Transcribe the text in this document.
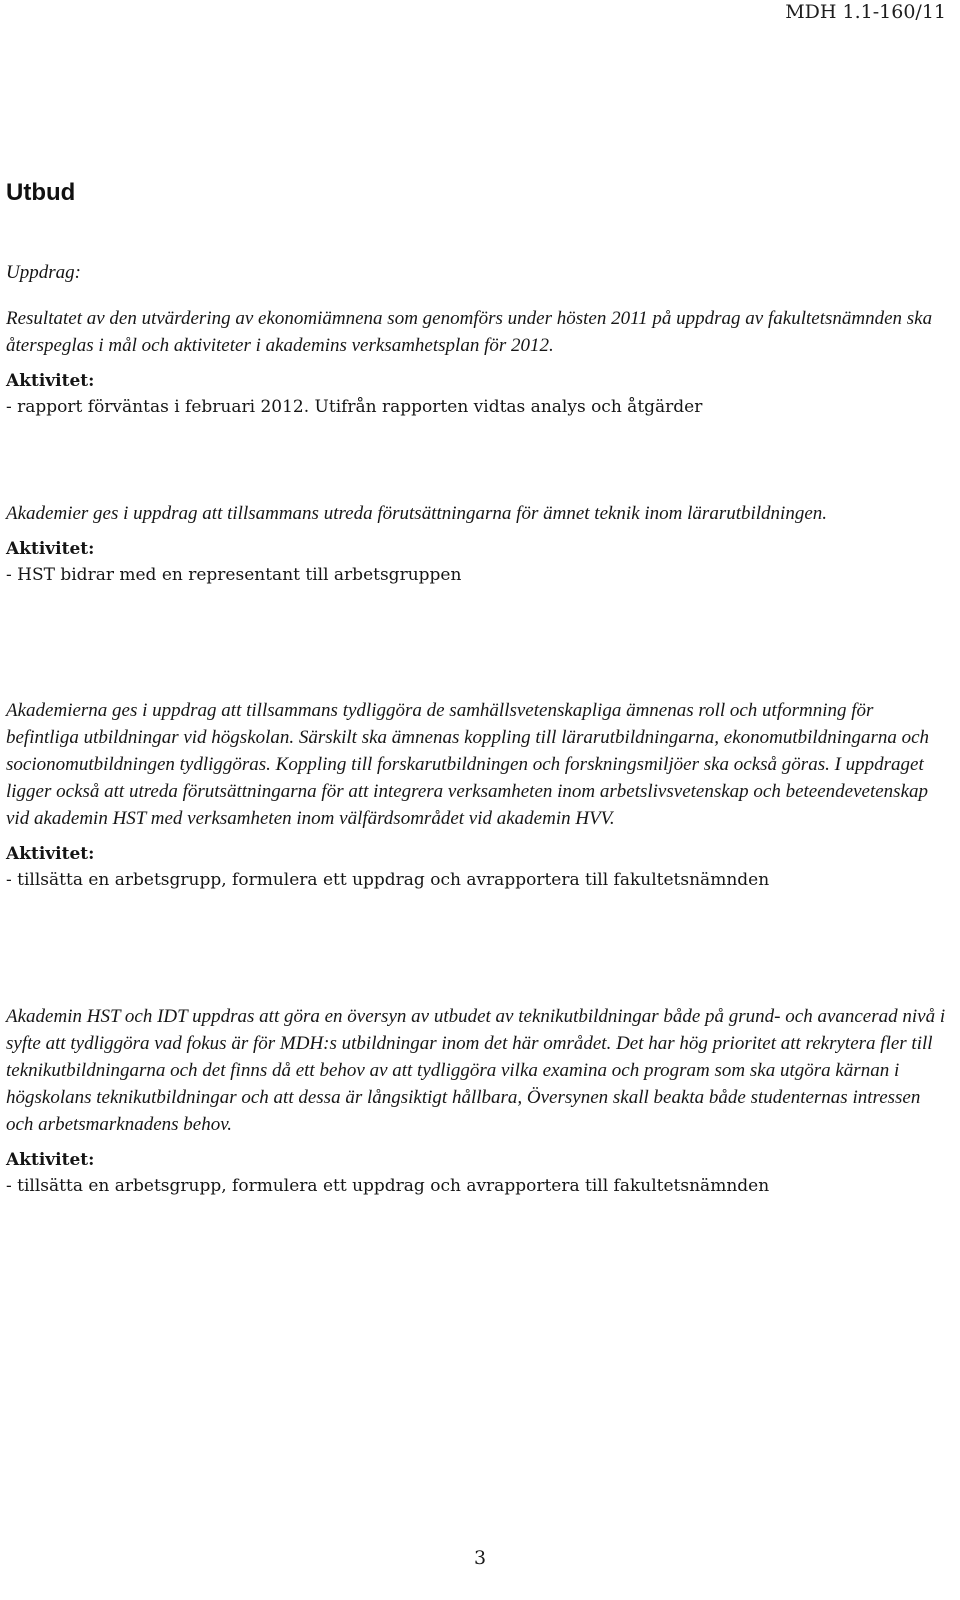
MDH 1.1-160/11
Utbud
Uppdrag:

Resultatet av den utvärdering av ekonomiämnena som genomförs under hösten 2011 på uppdrag av fakultetsnämnden ska återspeglas i mål och aktiviteter i akademins verksamhetsplan för 2012.

Aktivitet:

- rapport förväntas i februari 2012. Utifrån rapporten vidtas analys och åtgärder

Akademier ges i uppdrag att tillsammans utreda förutsättningarna för ämnet teknik inom lärarutbildningen.

Aktivitet:

- HST bidrar med en representant till arbetsgruppen

Akademierna ges i uppdrag att tillsammans tydliggöra de samhällsvetenskapliga ämnenas roll och utformning för befintliga utbildningar vid högskolan. Särskilt ska ämnenas koppling till lärarutbildningarna, ekonomutbildningarna och socionomutbildningen tydliggöras. Koppling till forskarutbildningen och forskningsmiljöer ska också göras. I uppdraget ligger också att utreda förutsättningarna för att integrera verksamheten inom arbetslivsvetenskap och beteendevetenskap vid akademin HST med verksamheten inom välfärdsområdet vid akademin HVV.

Aktivitet:

- tillsätta en arbetsgrupp, formulera ett uppdrag och avrapportera till fakultetsnämnden

Akademin HST och IDT uppdras att göra en översyn av utbudet av teknikutbildningar både på grund- och avancerad nivå i syfte att tydliggöra vad fokus är för MDH:s utbildningar inom det här området. Det har hög prioritet att rekrytera fler till teknikutbildningarna och det finns då ett behov av att tydliggöra vilka examina och program som ska utgöra kärnan i högskolans teknikutbildningar och att dessa är långsiktigt hållbara, Översynen skall beakta både studenternas intressen och arbetsmarknadens behov.

Aktivitet:

- tillsätta en arbetsgrupp, formulera ett uppdrag och avrapportera till fakultetsnämnden

3
